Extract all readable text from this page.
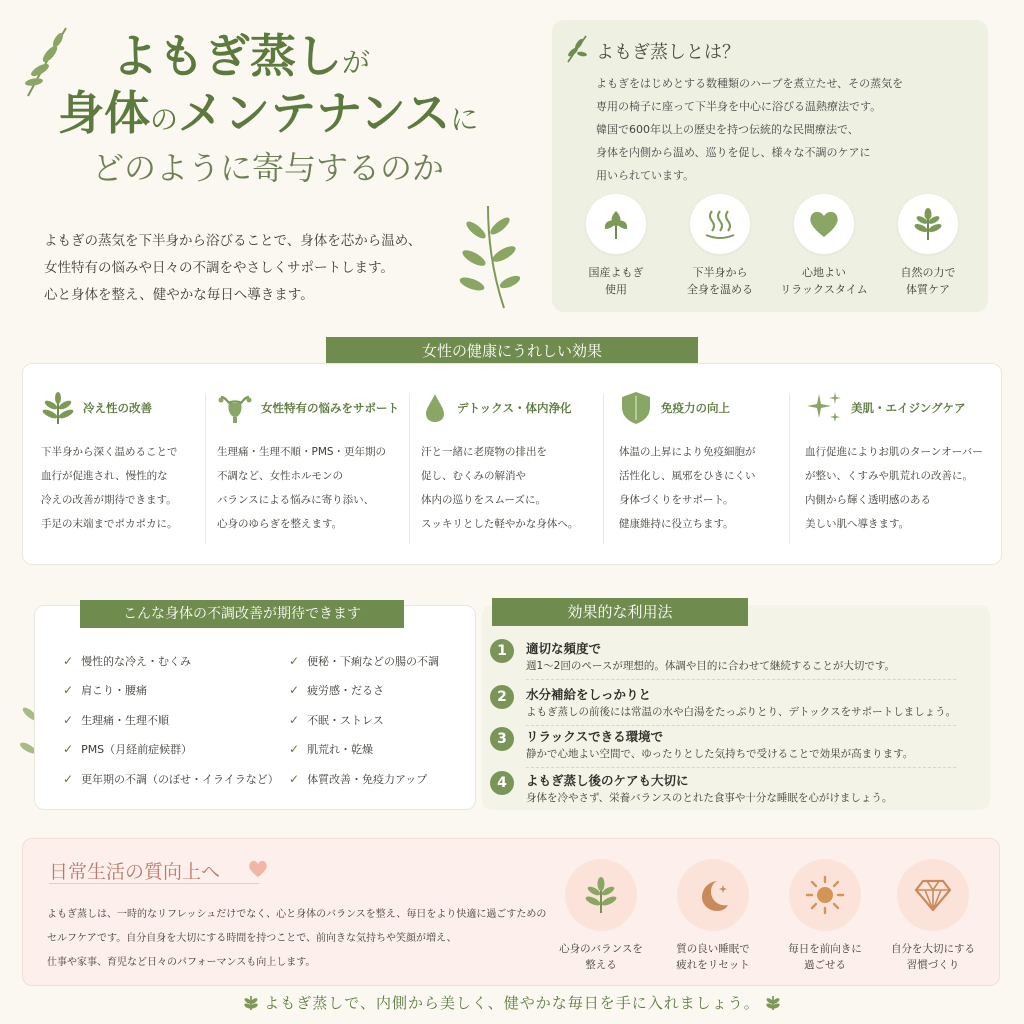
よもぎ蒸しが
身体のメンテナンスに
どのように寄与するのか
よもぎの蒸気を下半身から浴びることで、身体を芯から温め、
女性特有の悩みや日々の不調をやさしくサポートします。
心と身体を整え、健やかな毎日へ導きます。
よもぎ蒸しとは？
よもぎをはじめとする数種類のハーブを煮立たせ、その蒸気を
専用の椅子に座って下半身を中心に浴びる温熱療法です。
韓国で600年以上の歴史を持つ伝統的な民間療法で、
身体を内側から温め、巡りを促し、様々な不調のケアに
用いられています。
国産よもぎ
使用
下半身から
全身を温める
心地よい
リラックスタイム
自然の力で
体質ケア
女性の健康にうれしい効果
冷え性の改善
下半身から深く温めることで
血行が促進され、慢性的な
冷えの改善が期待できます。
手足の末端までポカポカに。
女性特有の悩みをサポート
生理痛・生理不順・PMS・更年期の
不調など、女性ホルモンの
バランスによる悩みに寄り添い、
心身のゆらぎを整えます。
デトックス・体内浄化
汗と一緒に老廃物の排出を
促し、むくみの解消や
体内の巡りをスムーズに。
スッキリとした軽やかな身体へ。
免疫力の向上
体温の上昇により免疫細胞が
活性化し、風邪をひきにくい
身体づくりをサポート。
健康維持に役立ちます。
美肌・エイジングケア
血行促進によりお肌のターンオーバー
が整い、くすみや肌荒れの改善に。
内側から輝く透明感のある
美しい肌へ導きます。
✓ 慢性的な冷え・むくみ
✓ 肩こり・腰痛
✓ 生理痛・生理不順
✓ PMS（月経前症候群）
✓ 更年期の不調（のぼせ・イライラなど）
✓ 便秘・下痢などの腸の不調
✓ 疲労感・だるさ
✓ 不眠・ストレス
✓ 肌荒れ・乾燥
✓ 体質改善・免疫力アップ
こんな身体の不調改善が期待できます
1	適切な頻度で
週1～2回のペースが理想的。体調や目的に合わせて継続することが大切です。
2	水分補給をしっかりと
よもぎ蒸しの前後には常温の水や白湯をたっぷりとり、デトックスをサポートしましょう。
3	リラックスできる環境で
静かで心地よい空間で、ゆったりとした気持ちで受けることで効果が高まります。
4	よもぎ蒸し後のケアも大切に
身体を冷やさず、栄養バランスのとれた食事や十分な睡眠を心がけましょう。
効果的な利用法
日常生活の質向上へ
よもぎ蒸しは、一時的なリフレッシュだけでなく、心と身体のバランスを整え、毎日をより快適に過ごすための
セルフケアです。自分自身を大切にする時間を持つことで、前向きな気持ちや笑顔が増え、
仕事や家事、育児など日々のパフォーマンスも向上します。
心身のバランスを
整える
質の良い睡眠で
疲れをリセット
毎日を前向きに
過ごせる
自分を大切にする
習慣づくり
よもぎ蒸しで、内側から美しく、健やかな毎日を手に入れましょう。
